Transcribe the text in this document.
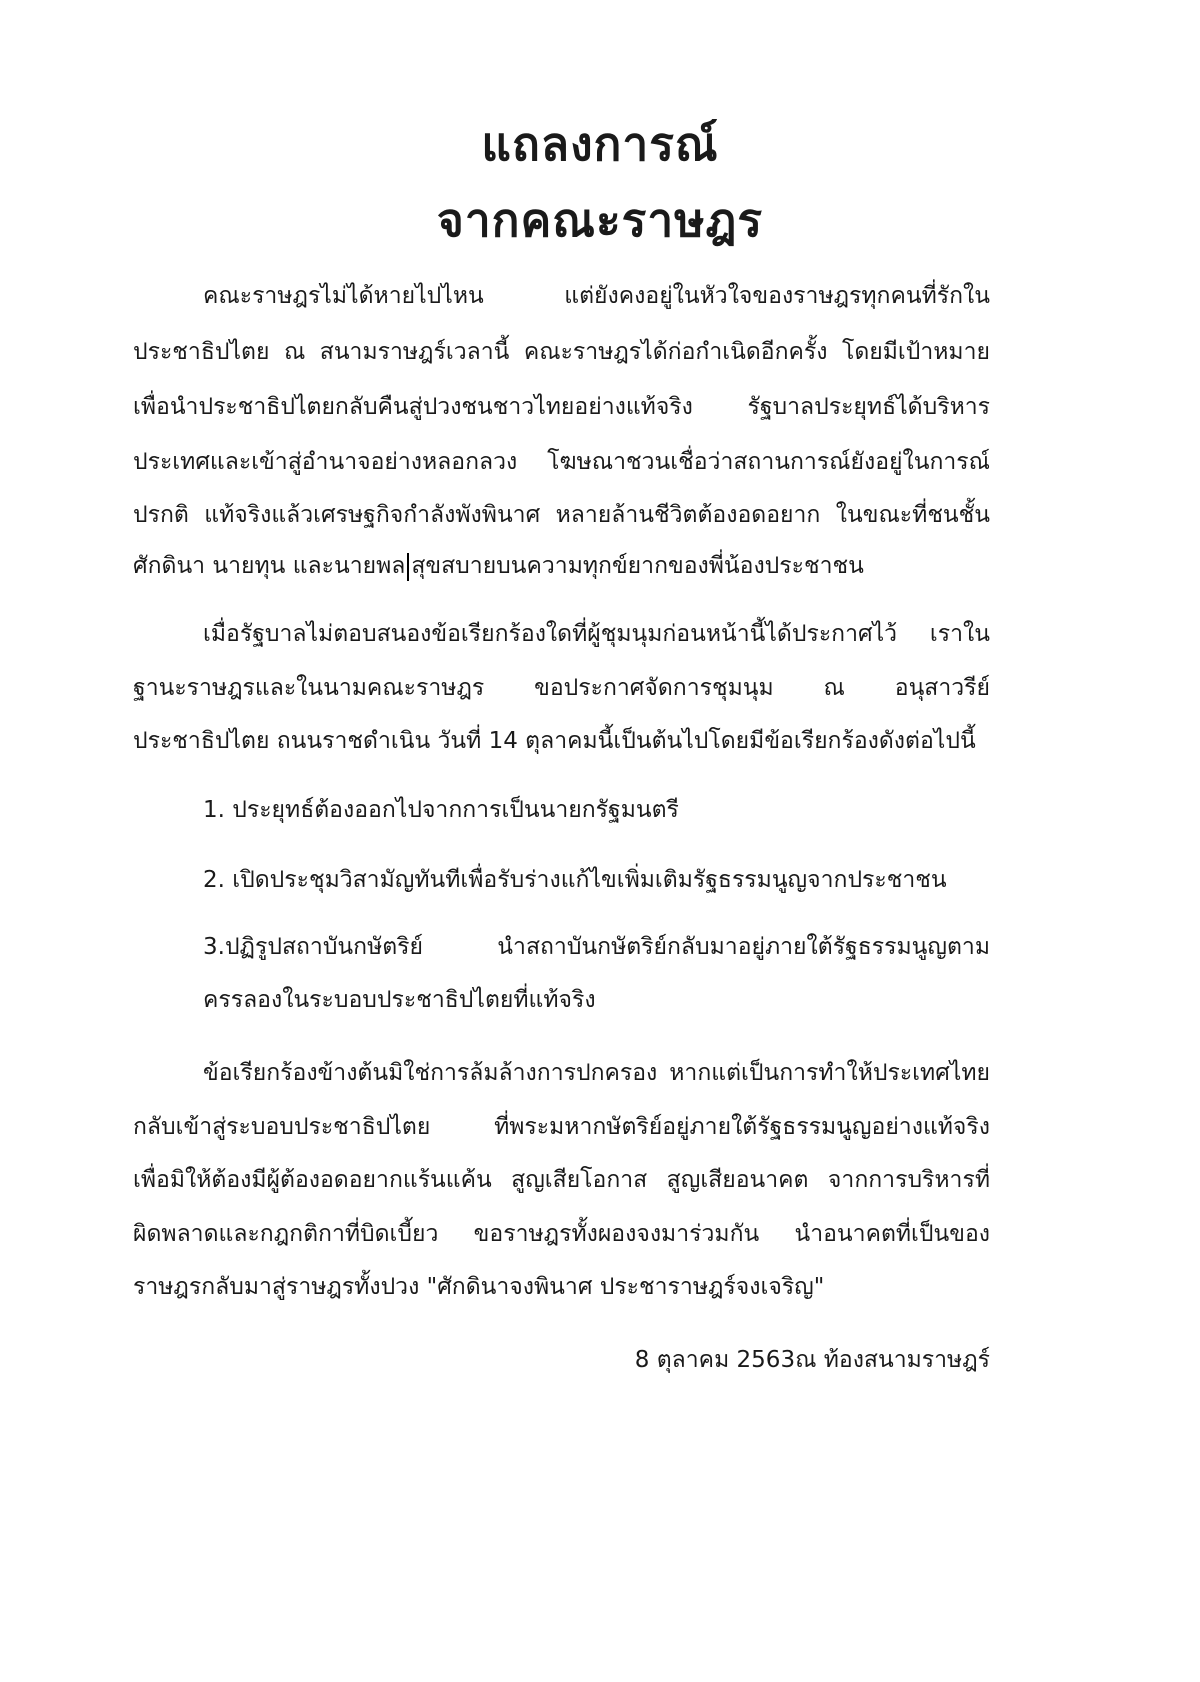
แถลงการณ์
จากคณะราษฎร
คณะราษฎรไม่ได้หายไปไหน แต่ยังคงอยู่ในหัวใจของราษฎรทุกคนที่รักใน
ประชาธิปไตย ณ สนามราษฎร์เวลานี้ คณะราษฎรได้ก่อกำเนิดอีกครั้ง โดยมีเป้าหมาย
เพื่อนำประชาธิปไตยกลับคืนสู่ปวงชนชาวไทยอย่างแท้จริง รัฐบาลประยุทธ์ได้บริหาร
ประเทศและเข้าสู่อำนาจอย่างหลอกลวง โฆษณาชวนเชื่อว่าสถานการณ์ยังอยู่ในการณ์
ปรกติ แท้จริงแล้วเศรษฐกิจกำลังพังพินาศ หลายล้านชีวิตต้องอดอยาก ในขณะที่ชนชั้น
ศักดินา นายทุน และนายพล สุขสบายบนความทุกข์ยากของพี่น้องประชาชน
เมื่อรัฐบาลไม่ตอบสนองข้อเรียกร้องใดที่ผู้ชุมนุมก่อนหน้านี้ได้ประกาศไว้ เราใน
ฐานะราษฎรและในนามคณะราษฎร ขอประกาศจัดการชุมนุม ณ อนุสาวรีย์
ประชาธิปไตย ถนนราชดำเนิน วันที่ 14 ตุลาคมนี้เป็นต้นไปโดยมีข้อเรียกร้องดังต่อไปนี้
1. ประยุทธ์ต้องออกไปจากการเป็นนายกรัฐมนตรี
2. เปิดประชุมวิสามัญทันทีเพื่อรับร่างแก้ไขเพิ่มเติมรัฐธรรมนูญจากประชาชน
3.ปฏิรูปสถาบันกษัตริย์ นำสถาบันกษัตริย์กลับมาอยู่ภายใต้รัฐธรรมนูญตาม
ครรลองในระบอบประชาธิปไตยที่แท้จริง
ข้อเรียกร้องข้างต้นมิใช่การล้มล้างการปกครอง หากแต่เป็นการทำให้ประเทศไทย
กลับเข้าสู่ระบอบประชาธิปไตย ที่พระมหากษัตริย์อยู่ภายใต้รัฐธรรมนูญอย่างแท้จริง
เพื่อมิให้ต้องมีผู้ต้องอดอยากแร้นแค้น สูญเสียโอกาส สูญเสียอนาคต จากการบริหารที่
ผิดพลาดและกฎกติกาที่บิดเบี้ยว ขอราษฎรทั้งผองจงมาร่วมกัน นำอนาคตที่เป็นของ
ราษฎรกลับมาสู่ราษฎรทั้งปวง "ศักดินาจงพินาศ ประชาราษฎร์จงเจริญ"
8 ตุลาคม 2563ณ ท้องสนามราษฎร์
